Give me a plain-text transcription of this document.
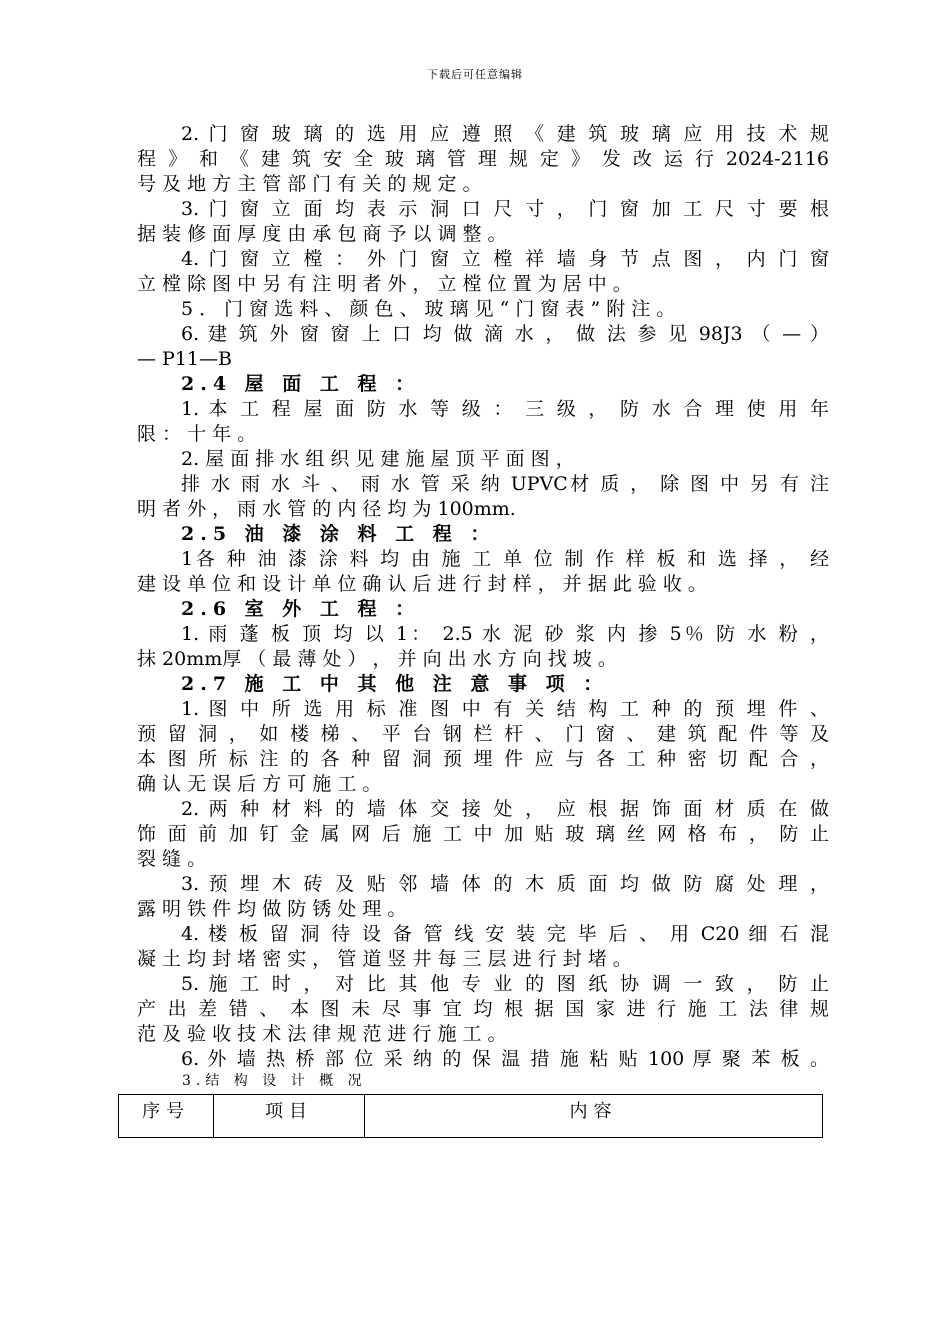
下载后可任意编辑
2. 门 窗 玻 璃 的 选 用 应 遵 照 《 建 筑 玻 璃 应 用 技 术 规
程 》 和 《 建 筑 安 全 玻 璃 管 理 规 定 》 发 改 运 行 2024-2116
号 及 地 方 主 管 部 门 有 关 的 规 定 。
3. 门 窗 立 面 均 表 示 洞 口 尺 寸 ， 门 窗 加 工 尺 寸 要 根
据 装 修 面 厚 度 由 承 包 商 予 以 调 整 。
4. 门 窗 立 樘 ： 外 门 窗 立 樘 祥 墙 身 节 点 图 ， 内 门 窗
立 樘 除 图 中 另 有 注 明 者 外 ， 立 樘 位 置 为 居 中 。
5 ． 门 窗 选 料 、 颜 色 、 玻 璃 见 “ 门 窗 表 ” 附 注 。
6. 建 筑 外 窗 窗 上 口 均 做 滴 水 ， 做 法 参 见 98J3 （ — ）
— P11—B
2.4 屋 面 工 程 ：
1. 本 工 程 屋 面 防 水 等 级 ： 三 级 ， 防 水 合 理 使 用 年
限 ： 十 年 。
2. 屋 面 排 水 组 织 见 建 施 屋 顶 平 面 图 ，
排 水 雨 水 斗 、 雨 水 管 采 纳 UPVC材 质 ， 除 图 中 另 有 注
明 者 外 ， 雨 水 管 的 内 径 均 为 100mm.
2.5 油 漆 涂 料 工 程 ：
1各 种 油 漆 涂 料 均 由 施 工 单 位 制 作 样 板 和 选 择 ， 经
建 设 单 位 和 设 计 单 位 确 认 后 进 行 封 样 ， 并 据 此 验 收 。
2.6 室 外 工 程 ：
1. 雨 蓬 板 顶 均 以 1： 2.5 水 泥 砂 浆 内 掺 5％ 防 水 粉 ，
抹 20mm厚 （ 最 薄 处 ） ， 并 向 出 水 方 向 找 坡 。
2.7 施 工 中 其 他 注 意 事 项 ：
1. 图 中 所 选 用 标 准 图 中 有 关 结 构 工 种 的 预 埋 件 、
预 留 洞 ， 如 楼 梯 、 平 台 钢 栏 杆 、 门 窗 、 建 筑 配 件 等 及
本 图 所 标 注 的 各 种 留 洞 预 埋 件 应 与 各 工 种 密 切 配 合 ，
确 认 无 误 后 方 可 施 工 。
2. 两 种 材 料 的 墙 体 交 接 处 ， 应 根 据 饰 面 材 质 在 做
饰 面 前 加 钉 金 属 网 后 施 工 中 加 贴 玻 璃 丝 网 格 布 ， 防 止
裂 缝 。
3. 预 埋 木 砖 及 贴 邻 墙 体 的 木 质 面 均 做 防 腐 处 理 ，
露 明 铁 件 均 做 防 锈 处 理 。
4. 楼 板 留 洞 待 设 备 管 线 安 装 完 毕 后 、 用 C20 细 石 混
凝 土 均 封 堵 密 实 ， 管 道 竖 井 每 三 层 进 行 封 堵 。
5. 施 工 时 ， 对 比 其 他 专 业 的 图 纸 协 调 一 致 ， 防 止
产 出 差 错 、 本 图 未 尽 事 宜 均 根 据 国 家 进 行 施 工 法 律 规
范 及 验 收 技 术 法 律 规 范 进 行 施 工 。
6. 外 墙 热 桥 部 位 采 纳 的 保 温 措 施 粘 贴 100 厚 聚 苯 板 。
3.结 构 设 计 概 况
序号	项目	内容
